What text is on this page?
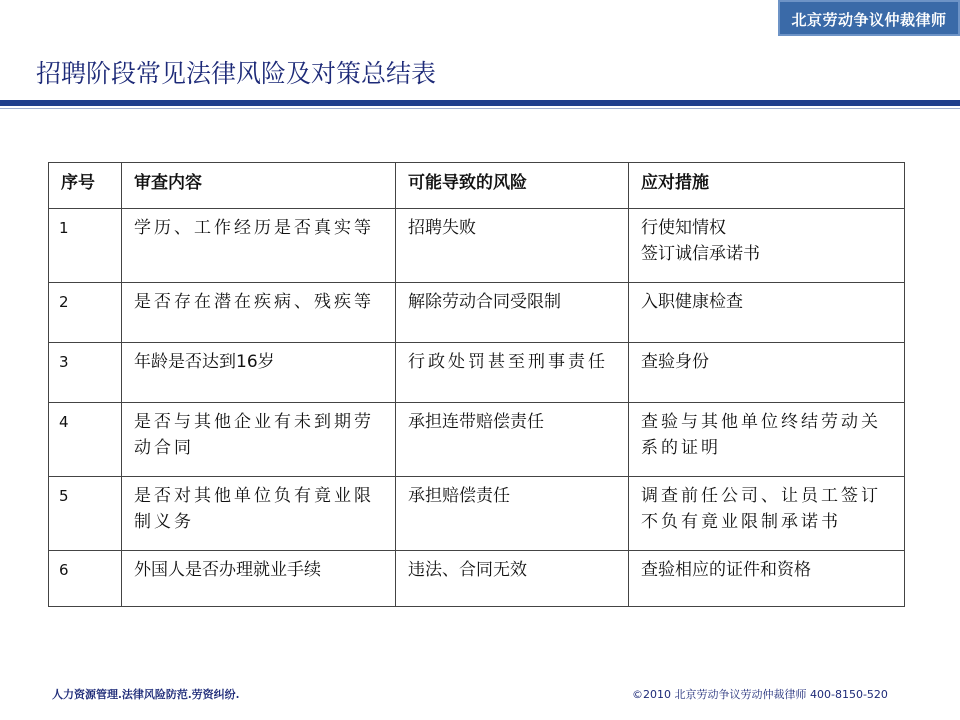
北京劳动争议仲裁律师
招聘阶段常见法律风险及对策总结表
序号	审查内容	可能导致的风险	应对措施
1	学历、工作经历是否真实等	招聘失败	行使知情权
签订诚信承诺书

2	是否存在潜在疾病、残疾等	解除劳动合同受限制	入职健康检查

3	年龄是否达到16岁	行政处罚甚至刑事责任	查验身份

4	是否与其他企业有未到期劳动合同	承担连带赔偿责任	查验与其他单位终结劳动关系的证明

5	是否对其他单位负有竟业限制义务	承担赔偿责任	调查前任公司、让员工签订不负有竟业限制承诺书

6	外国人是否办理就业手续	违法、合同无效	查验相应的证件和资格
人力资源管理.法律风险防范.劳资纠纷.	©2010 北京劳动争议劳动仲裁律师 400-8150-520
